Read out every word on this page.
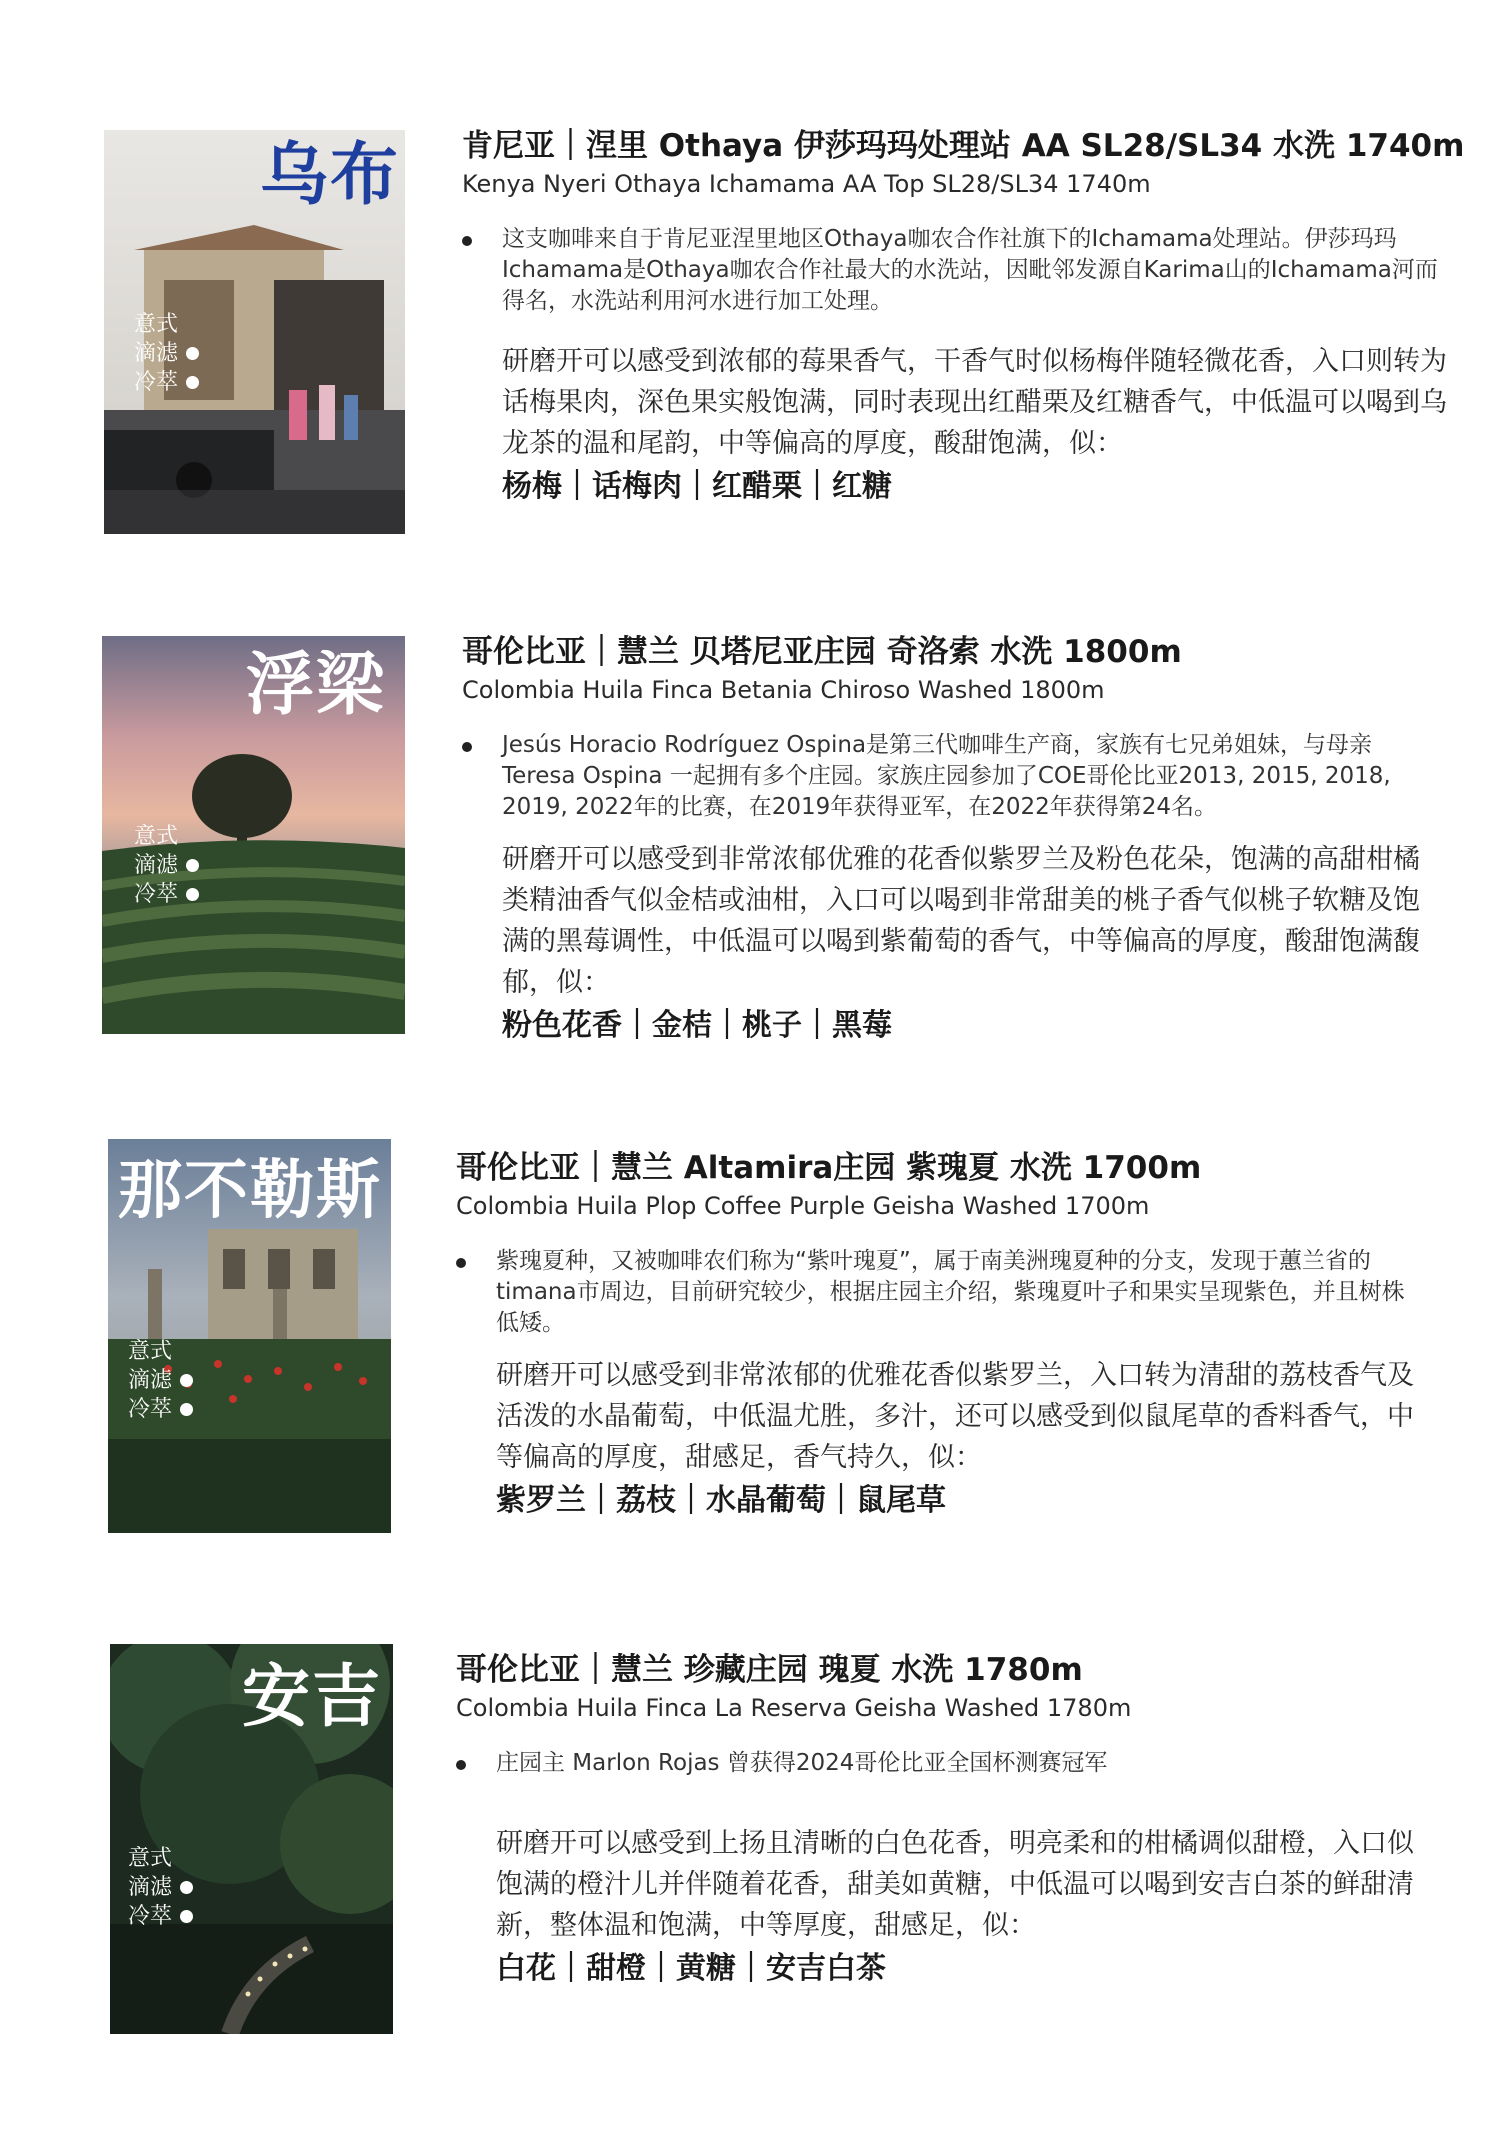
乌布
意式
滴滤
冷萃
肯尼亚｜涅里 Othaya 伊莎玛玛处理站 AA SL28/SL34 水洗 1740m
Kenya Nyeri Othaya Ichamama AA Top SL28/SL34 1740m
这支咖啡来自于肯尼亚涅里地区Othaya咖农合作社旗下的Ichamama处理站。伊莎玛玛Ichamama是Othaya咖农合作社最大的水洗站，因毗邻发源自Karima山的Ichamama河而得名，水洗站利用河水进行加工处理。
研磨开可以感受到浓郁的莓果香气，干香气时似杨梅伴随轻微花香，入口则转为话梅果肉，深色果实般饱满，同时表现出红醋栗及红糖香气，中低温可以喝到乌龙茶的温和尾韵，中等偏高的厚度，酸甜饱满，似：
杨梅｜话梅肉｜红醋栗｜红糖
浮梁
意式
滴滤
冷萃
哥伦比亚｜慧兰 贝塔尼亚庄园 奇洛索 水洗 1800m
Colombia Huila Finca Betania Chiroso Washed 1800m
Jesús Horacio Rodríguez Ospina是第三代咖啡生产商，家族有七兄弟姐妹，与母亲 Teresa Ospina 一起拥有多个庄园。家族庄园参加了COE哥伦比亚2013, 2015, 2018, 2019, 2022年的比赛，在2019年获得亚军，在2022年获得第24名。
研磨开可以感受到非常浓郁优雅的花香似紫罗兰及粉色花朵，饱满的高甜柑橘类精油香气似金桔或油柑，入口可以喝到非常甜美的桃子香气似桃子软糖及饱满的黑莓调性，中低温可以喝到紫葡萄的香气，中等偏高的厚度，酸甜饱满馥郁，似：
粉色花香｜金桔｜桃子｜黑莓
那不勒斯
意式
滴滤
冷萃
哥伦比亚｜慧兰 Altamira庄园 紫瑰夏 水洗 1700m
Colombia Huila Plop Coffee Purple Geisha Washed 1700m
紫瑰夏种，又被咖啡农们称为“紫叶瑰夏”，属于南美洲瑰夏种的分支，发现于蕙兰省的timana市周边，目前研究较少，根据庄园主介绍，紫瑰夏叶子和果实呈现紫色，并且树株低矮。
研磨开可以感受到非常浓郁的优雅花香似紫罗兰，入口转为清甜的荔枝香气及活泼的水晶葡萄，中低温尤胜，多汁，还可以感受到似鼠尾草的香料香气，中等偏高的厚度，甜感足，香气持久，似：
紫罗兰｜荔枝｜水晶葡萄｜鼠尾草
安吉
意式
滴滤
冷萃
哥伦比亚｜慧兰 珍藏庄园 瑰夏 水洗 1780m
Colombia Huila Finca La Reserva Geisha Washed 1780m
庄园主 Marlon Rojas 曾获得2024哥伦比亚全国杯测赛冠军
研磨开可以感受到上扬且清晰的白色花香，明亮柔和的柑橘调似甜橙，入口似饱满的橙汁儿并伴随着花香，甜美如黄糖，中低温可以喝到安吉白茶的鲜甜清新，整体温和饱满，中等厚度，甜感足，似：
白花｜甜橙｜黄糖｜安吉白茶
